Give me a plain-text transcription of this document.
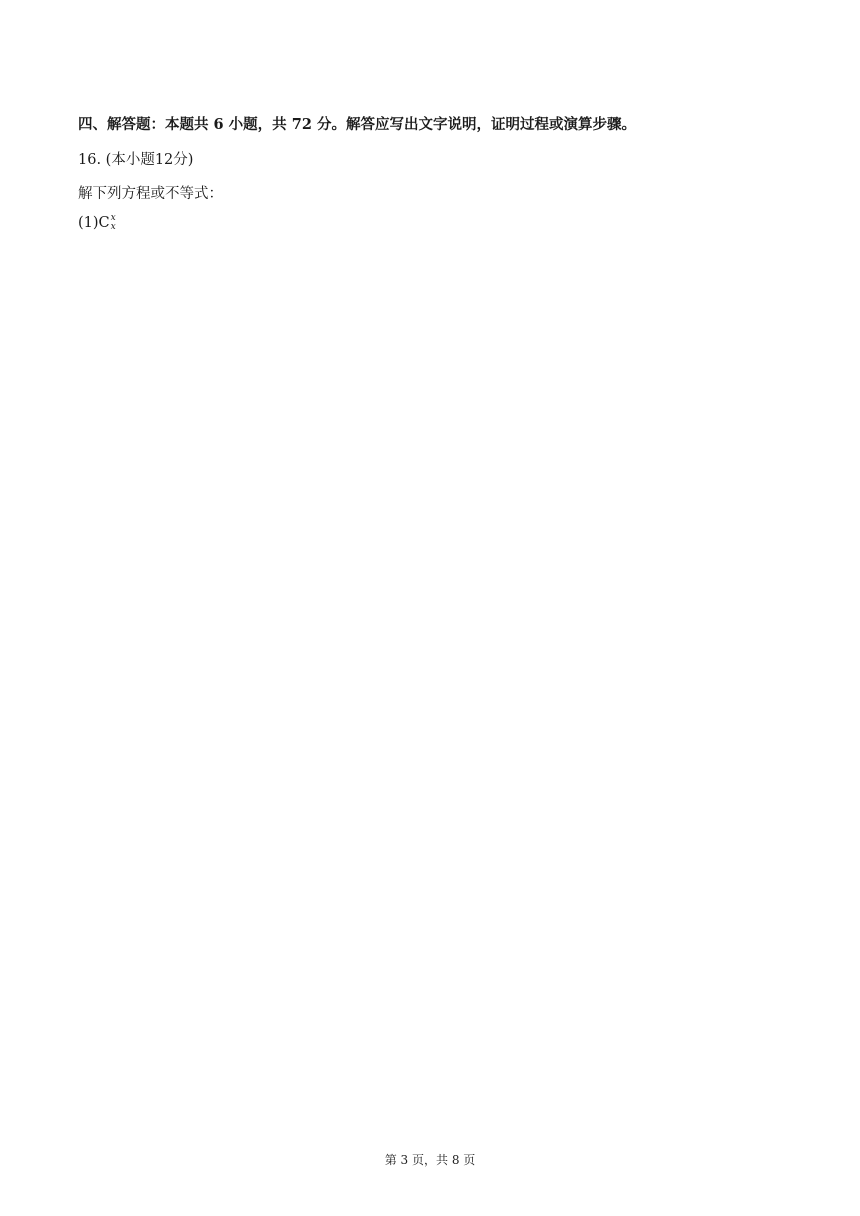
四、解答题：本题共 6 小题，共 72 分。解答应写出文字说明，证明过程或演算步骤。
16. (本小题12分)
解下列方程或不等式：
(1)C x
x
第 3 页，共 8 页
